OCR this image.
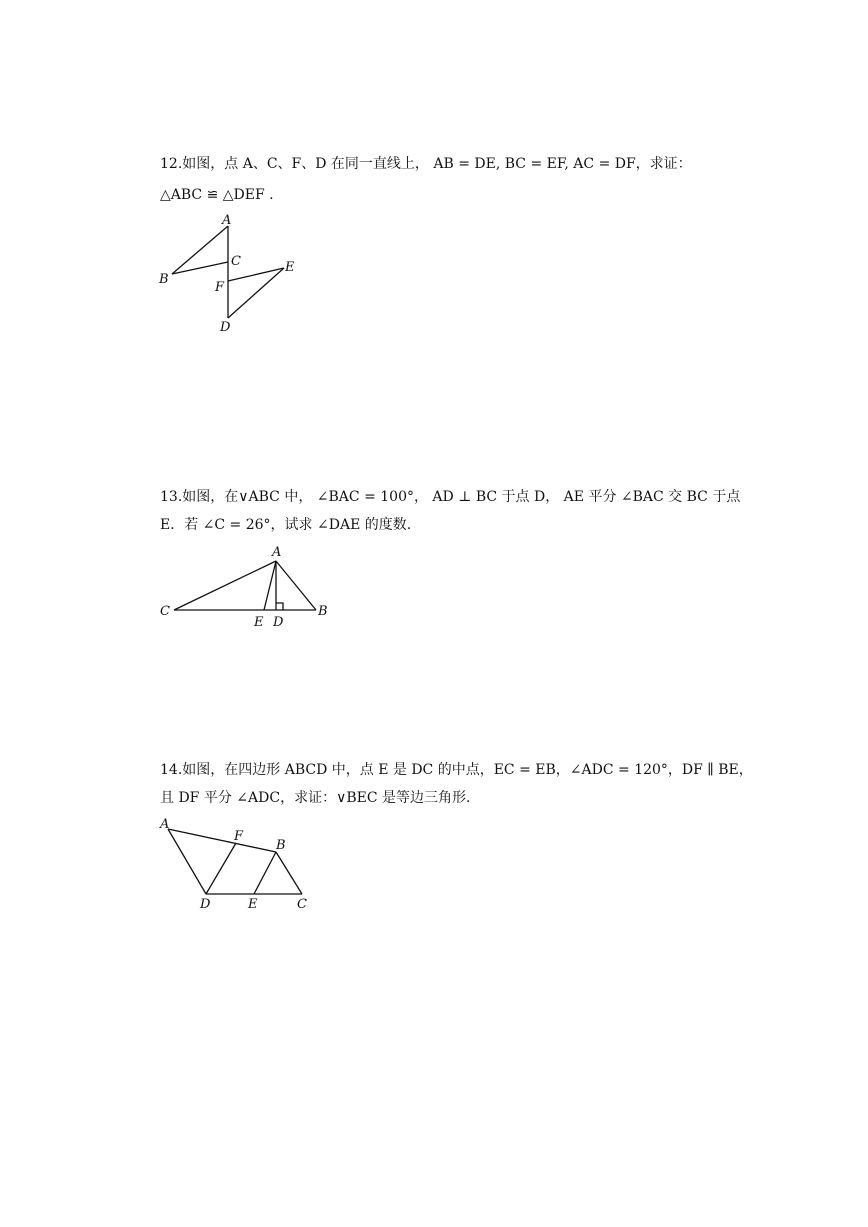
12.如图，点 A、C、F、D 在同一直线上， AB = DE, BC = EF, AC = DF，求证：
△ABC ≌ △DEF .
A
B
C
F
E
D
13.如图，在∨ABC 中， ∠BAC = 100°， AD ⊥ BC 于点 D， AE 平分 ∠BAC 交 BC 于点
E．若 ∠C = 26°，试求 ∠DAE 的度数.
A
C	B
E D
14.如图，在四边形 ABCD 中，点 E 是 DC 的中点，EC = EB，∠ADC = 120°，DF ∥ BE，
且 DF 平分 ∠ADC，求证：∨BEC 是等边三角形.
A
F
B
D	E	C
